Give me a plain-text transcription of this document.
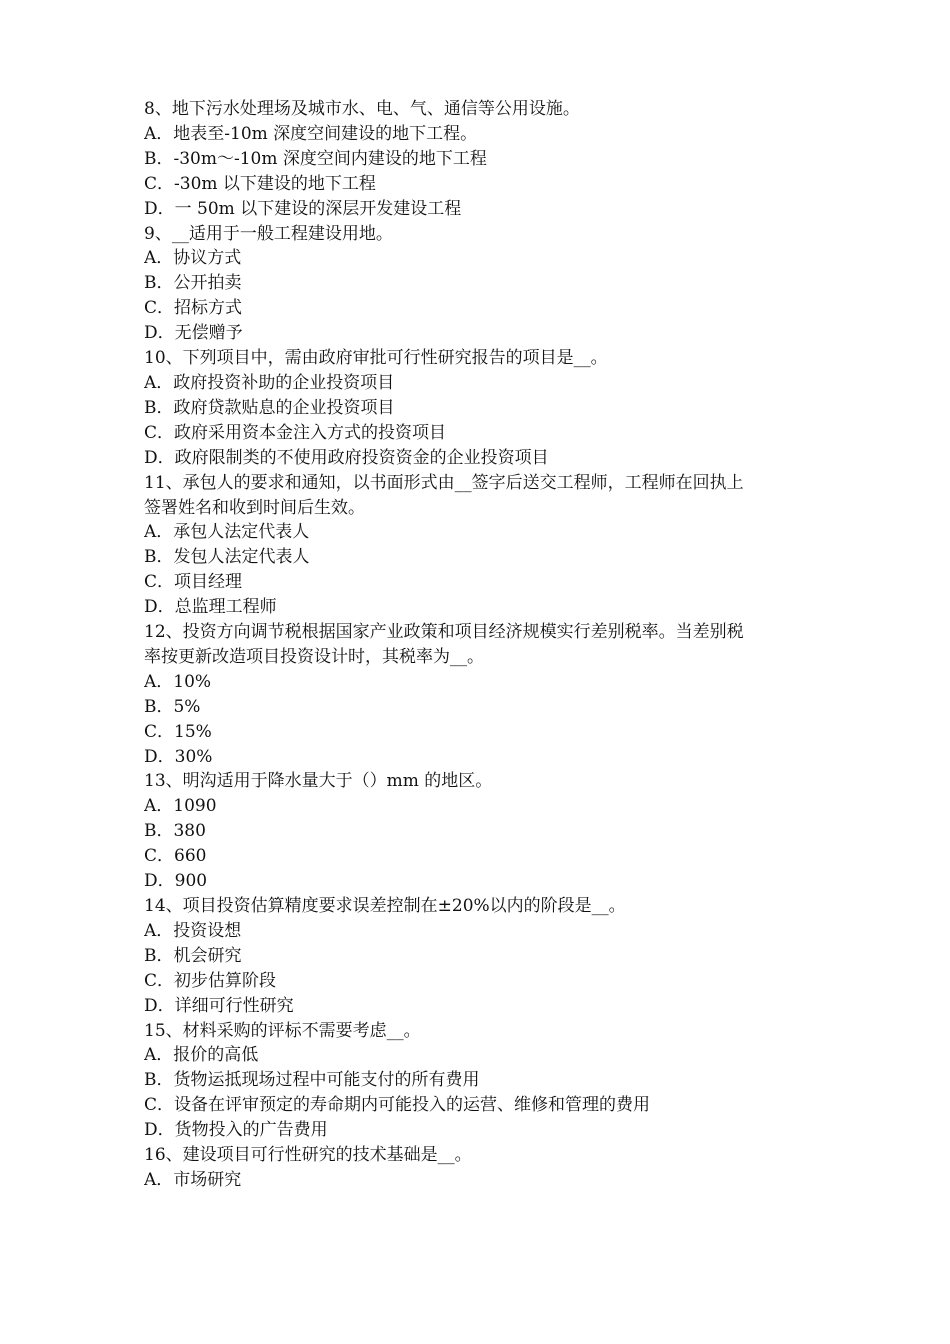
8、地下污水处理场及城市水、电、气、通信等公用设施。

A．地表至-10m 深度空间建设的地下工程。

B．-30m～-10m 深度空间内建设的地下工程

C．-30m 以下建设的地下工程

D．一 50m 以下建设的深层开发建设工程

9、__适用于一般工程建设用地。

A．协议方式

B．公开拍卖

C．招标方式

D．无偿赠予

10、下列项目中，需由政府审批可行性研究报告的项目是__。

A．政府投资补助的企业投资项目

B．政府贷款贴息的企业投资项目

C．政府采用资本金注入方式的投资项目

D．政府限制类的不使用政府投资资金的企业投资项目

11、承包人的要求和通知，以书面形式由__签字后送交工程师，工程师在回执上

签署姓名和收到时间后生效。

A．承包人法定代表人

B．发包人法定代表人

C．项目经理

D．总监理工程师

12、投资方向调节税根据国家产业政策和项目经济规模实行差别税率。当差别税

率按更新改造项目投资设计时，其税率为__。

A．10%

B．5%

C．15%

D．30%

13、明沟适用于降水量大于（）mm 的地区。

A．1090

B．380

C．660

D．900

14、项目投资估算精度要求误差控制在±20%以内的阶段是__。

A．投资设想

B．机会研究

C．初步估算阶段

D．详细可行性研究

15、材料采购的评标不需要考虑__。

A．报价的高低

B．货物运抵现场过程中可能支付的所有费用

C．设备在评审预定的寿命期内可能投入的运营、维修和管理的费用

D．货物投入的广告费用

16、建设项目可行性研究的技术基础是__。

A．市场研究
